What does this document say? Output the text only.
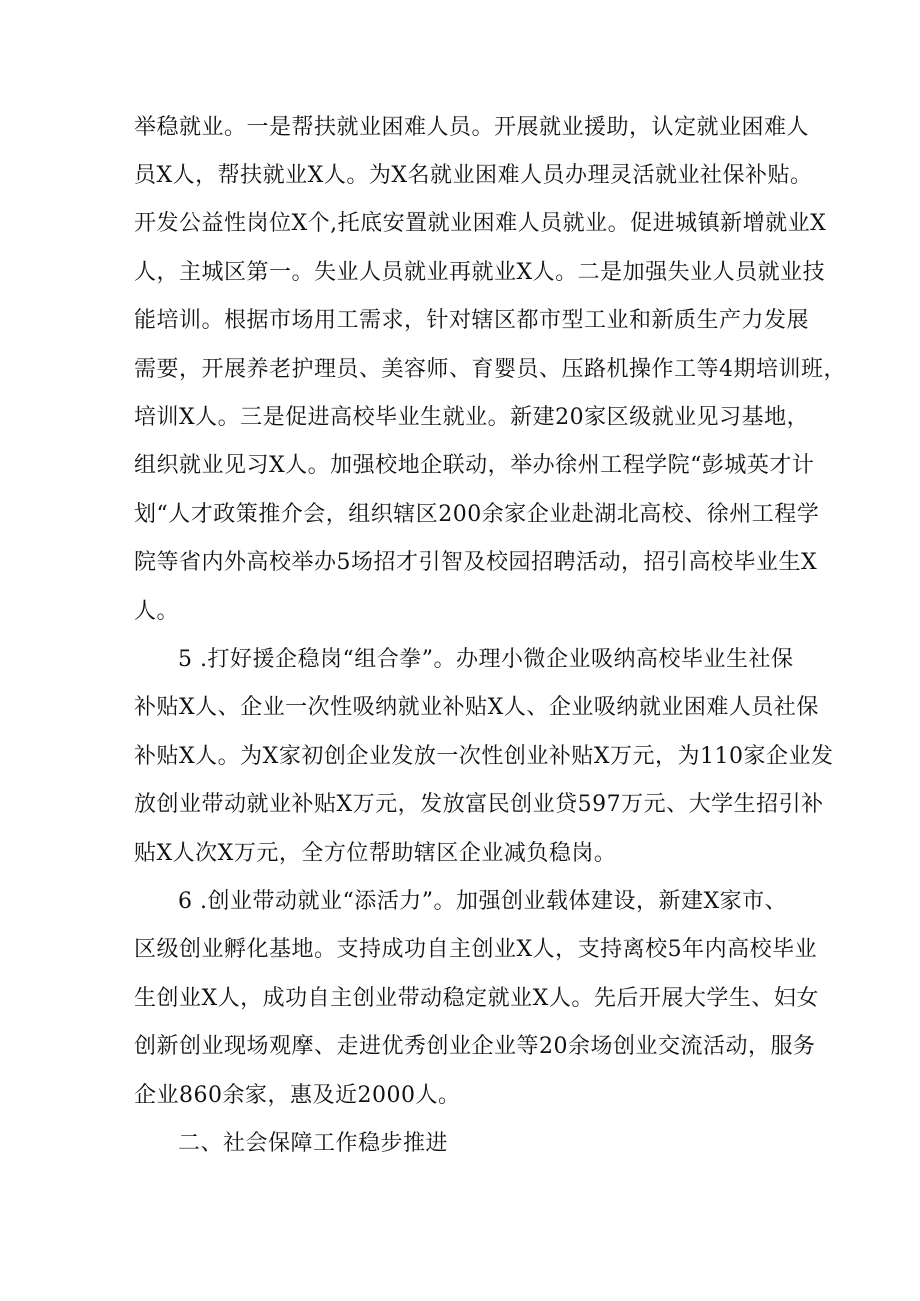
举稳就业。一是帮扶就业困难人员。开展就业援助，认定就业困难人
员X人，帮扶就业X人。为X名就业困难人员办理灵活就业社保补贴。
开发公益性岗位X个,托底安置就业困难人员就业。促进城镇新增就业X
人，主城区第一。失业人员就业再就业X人。二是加强失业人员就业技
能培训。根据市场用工需求，针对辖区都市型工业和新质生产力发展
需要，开展养老护理员、美容师、育婴员、压路机操作工等4期培训班，
培训X人。三是促进高校毕业生就业。新建20家区级就业见习基地，
组织就业见习X人。加强校地企联动，举办徐州工程学院“彭城英才计
划“人才政策推介会，组织辖区200余家企业赴湖北高校、徐州工程学
院等省内外高校举办5场招才引智及校园招聘活动，招引高校毕业生X
人。
5 .打好援企稳岗“组合拳”。办理小微企业吸纳高校毕业生社保
补贴X人、企业一次性吸纳就业补贴X人、企业吸纳就业困难人员社保
补贴X人。为X家初创企业发放一次性创业补贴X万元，为110家企业发
放创业带动就业补贴X万元，发放富民创业贷597万元、大学生招引补
贴X人次X万元，全方位帮助辖区企业减负稳岗。
6 .创业带动就业“添活力”。加强创业载体建设，新建X家市、
区级创业孵化基地。支持成功自主创业X人，支持离校5年内高校毕业
生创业X人，成功自主创业带动稳定就业X人。先后开展大学生、妇女
创新创业现场观摩、走进优秀创业企业等20余场创业交流活动，服务
企业860余家，惠及近2000人。
二、社会保障工作稳步推进
